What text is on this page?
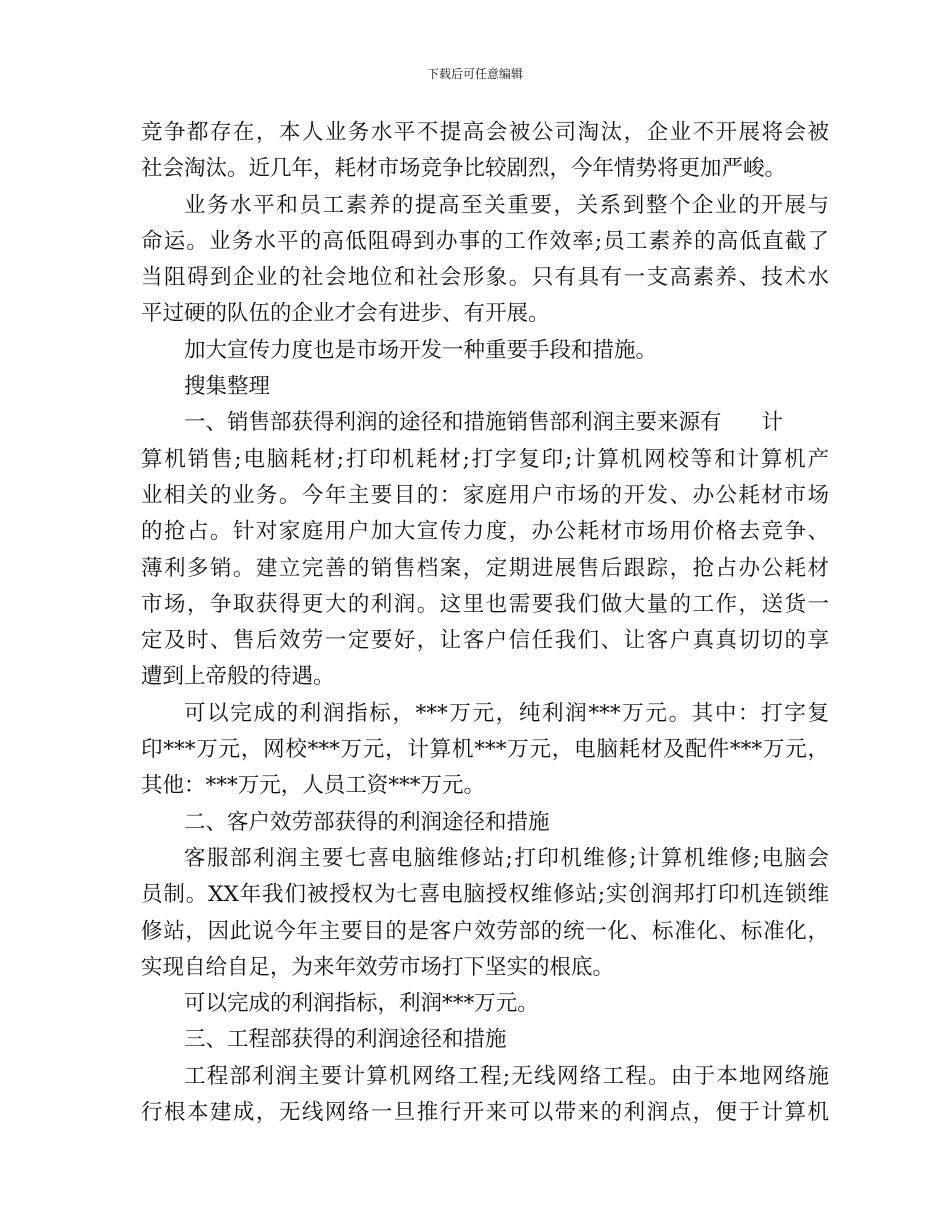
下载后可任意编辑
竞争都存在，本人业务水平不提高会被公司淘汰，企业不开展将会被
社会淘汰。近几年，耗材市场竞争比较剧烈，今年情势将更加严峻。
业务水平和员工素养的提高至关重要，关系到整个企业的开展与
命运。业务水平的高低阻碍到办事的工作效率;员工素养的高低直截了
当阻碍到企业的社会地位和社会形象。只有具有一支高素养、技术水
平过硬的队伍的企业才会有进步、有开展。
加大宣传力度也是市场开发一种重要手段和措施。
搜集整理
一、销售部获得利润的途径和措施销售部利润主要来源有 计
算机销售;电脑耗材;打印机耗材;打字复印;计算机网校等和计算机产
业相关的业务。今年主要目的：家庭用户市场的开发、办公耗材市场
的抢占。针对家庭用户加大宣传力度，办公耗材市场用价格去竞争、
薄利多销。建立完善的销售档案，定期进展售后跟踪，抢占办公耗材
市场，争取获得更大的利润。这里也需要我们做大量的工作，送货一
定及时、售后效劳一定要好，让客户信任我们、让客户真真切切的享
遭到上帝般的待遇。
可以完成的利润指标，***万元，纯利润***万元。其中：打字复
印***万元，网校***万元，计算机***万元，电脑耗材及配件***万元，
其他：***万元，人员工资***万元。
二、客户效劳部获得的利润途径和措施
客服部利润主要七喜电脑维修站;打印机维修;计算机维修;电脑会
员制。XX年我们被授权为七喜电脑授权维修站;实创润邦打印机连锁维
修站，因此说今年主要目的是客户效劳部的统一化、标准化、标准化，
实现自给自足，为来年效劳市场打下坚实的根底。
可以完成的利润指标，利润***万元。
三、工程部获得的利润途径和措施
工程部利润主要计算机网络工程;无线网络工程。由于本地网络施
行根本建成，无线网络一旦推行开来可以带来的利润点，便于计算机
